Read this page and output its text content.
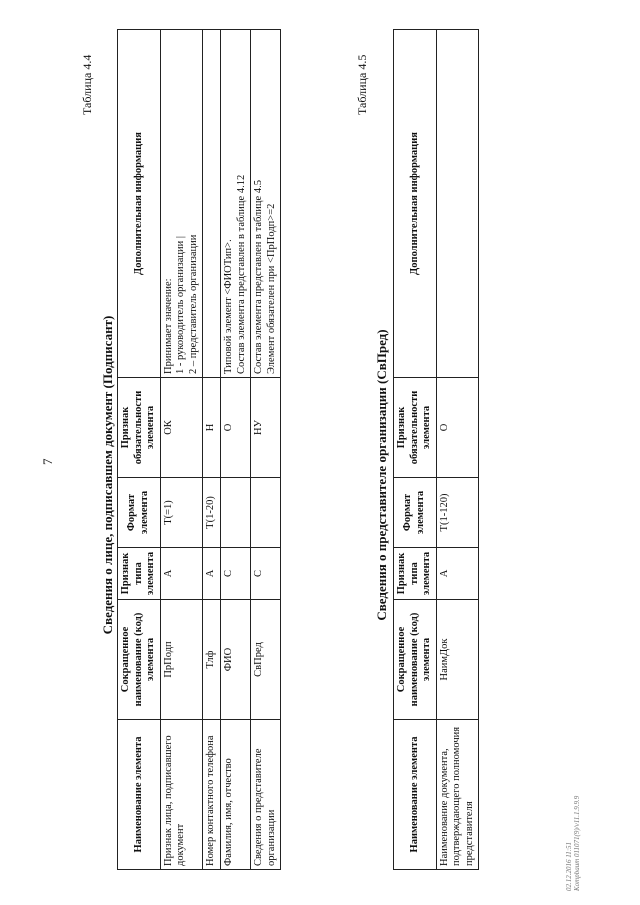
7
Таблица 4.4
Сведения о лице, подписавшем документ (Подписант)
Наименование элемента	Сокращенное наименование (код) элемента	Признак типа элемента	Формат элемента	Признак обязательности элемента	Дополнительная информация
Признак лица, подписавшего документ	ПрПодп	А	T(=1)	ОК	Принимает значение: 1 - руководитель организации | 2 – представитель организации

Номер контактного телефона	Тлф	А	T(1-20)	Н	
Фамилия, имя, отчество	ФИО	С		О	Типовой элемент <ФИОТип>. Состав элемента представлен в таблице 4.12

Сведения о представителе организации	СвПред	С		НУ	Состав элемента представлен в таблице 4.5 Элемент обязателен при <ПрПодп>=2
Таблица 4.5
Сведения о представителе организации (СвПред)
Наименование элемента	Сокращенное наименование (код) элемента	Признак типа элемента	Формат элемента	Признак обязательности элемента	Дополнительная информация
Наименование документа, подтверждающего полномочия представителя	НаимДок	А	T(1-120)	О	
02.12.2016 11:51 Kompbaum 011071(9)/v11.1.9.9.9
